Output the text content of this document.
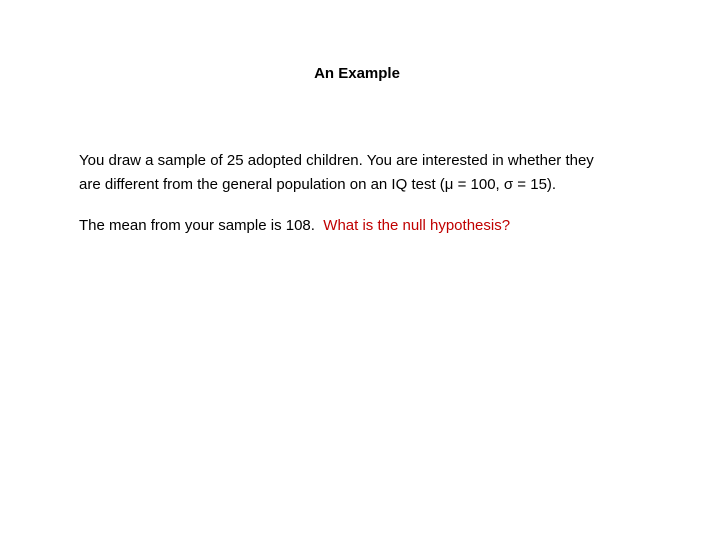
An Example

You draw a sample of 25 adopted children. You are interested in whether they
are different from the general population on an IQ test (μ = 100, σ = 15).

The mean from your sample is 108.  What is the null hypothesis?
